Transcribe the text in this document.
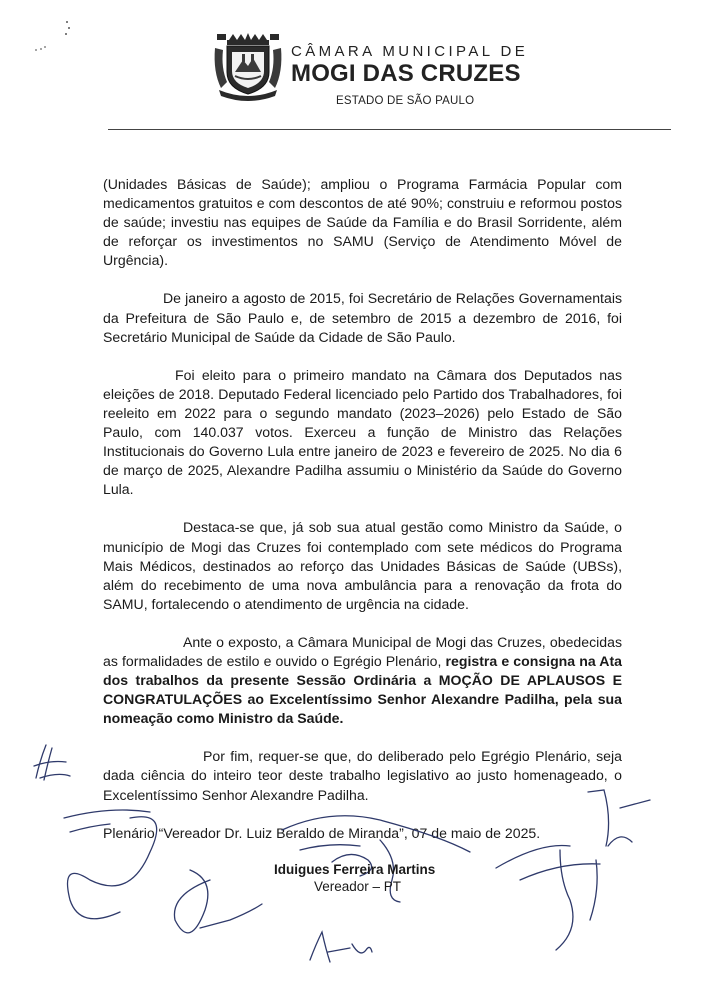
CÂMARA MUNICIPAL DE
MOGI DAS CRUZES
ESTADO DE SÃO PAULO

(Unidades Básicas de Saúde); ampliou o Programa Farmácia Popular com medicamentos gratuitos e com descontos de até 90%; construiu e reformou postos de saúde; investiu nas equipes de Saúde da Família e do Brasil Sorridente, além de reforçar os investimentos no SAMU (Serviço de Atendimento Móvel de Urgência).

De janeiro a agosto de 2015, foi Secretário de Relações Governamentais da Prefeitura de São Paulo e, de setembro de 2015 a dezembro de 2016, foi Secretário Municipal de Saúde da Cidade de São Paulo.

Foi eleito para o primeiro mandato na Câmara dos Deputados nas eleições de 2018. Deputado Federal licenciado pelo Partido dos Trabalhadores, foi reeleito em 2022 para o segundo mandato (2023–2026) pelo Estado de São Paulo, com 140.037 votos. Exerceu a função de Ministro das Relações Institucionais do Governo Lula entre janeiro de 2023 e fevereiro de 2025. No dia 6 de março de 2025, Alexandre Padilha assumiu o Ministério da Saúde do Governo Lula.

Destaca-se que, já sob sua atual gestão como Ministro da Saúde, o município de Mogi das Cruzes foi contemplado com sete médicos do Programa Mais Médicos, destinados ao reforço das Unidades Básicas de Saúde (UBSs), além do recebimento de uma nova ambulância para a renovação da frota do SAMU, fortalecendo o atendimento de urgência na cidade.

Ante o exposto, a Câmara Municipal de Mogi das Cruzes, obedecidas as formalidades de estilo e ouvido o Egrégio Plenário, registra e consigna na Ata dos trabalhos da presente Sessão Ordinária a MOÇÃO DE APLAUSOS E CONGRATULAÇÕES ao Excelentíssimo Senhor Alexandre Padilha, pela sua nomeação como Ministro da Saúde.

Por fim, requer-se que, do deliberado pelo Egrégio Plenário, seja dada ciência do inteiro teor deste trabalho legislativo ao justo homenageado, o Excelentíssimo Senhor Alexandre Padilha.

Plenário “Vereador Dr. Luiz Beraldo de Miranda”, 07 de maio de 2025.

Iduigues Ferreira Martins
Vereador – PT
